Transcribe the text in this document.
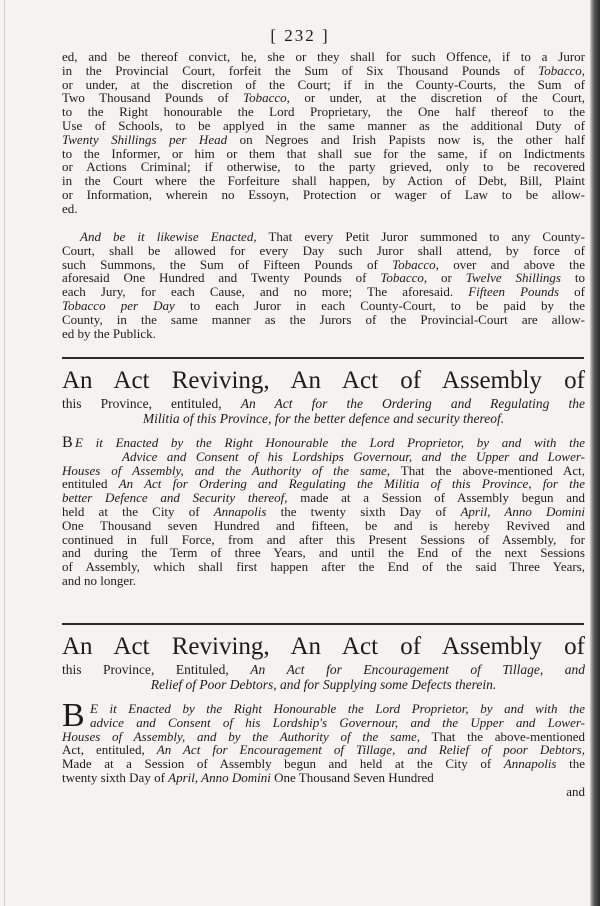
[ 232 ]
ed, and be thereof convict, he, she or they shall for such Offence, if to a Juror
in the Provincial Court, forfeit the Sum of Six Thousand Pounds of Tobacco,
or under, at the discretion of the Court; if in the County-Courts, the Sum of
Two Thousand Pounds of Tobacco, or under, at the discretion of the Court,
to the Right honourable the Lord Proprietary, the One half thereof to the
Use of Schools, to be applyed in the same manner as the additional Duty of
Twenty Shillings per Head on Negroes and Irish Papists now is, the other half
to the Informer, or him or them that shall sue for the same, if on Indictments
or Actions Criminal; if otherwise, to the party grieved, only to be recovered
in the Court where the Forfeiture shall happen, by Action of Debt, Bill, Plaint
or Information, wherein no Essoyn, Protection or wager of Law to be allow-
ed.
And be it likewise Enacted, That every Petit Juror summoned to any County-
Court, shall be allowed for every Day such Juror shall attend, by force of
such Summons, the Sum of Fifteen Pounds of Tobacco, over and above the
aforesaid One Hundred and Twenty Pounds of Tobacco, or Twelve Shillings to
each Jury, for each Cause, and no more; The aforesaid. Fifteen Pounds of
Tobacco per Day to each Juror in each County-Court, to be paid by the
County, in the same manner as the Jurors of the Provincial-Court are allow-
ed by the Publick.
An Act Reviving, An Act of Assembly of
this Province, entituled, An Act for the Ordering and Regulating the
Militia of this Province, for the better defence and security thereof.
B E it Enacted by the Right Honourable the Lord Proprietor, by and with the
Advice and Consent of his Lordships Governour, and the Upper and Lower-
Houses of Assembly, and the Authority of the same, That the above-mentioned Act,
entituled An Act for Ordering and Regulating the Militia of this Province, for the
better Defence and Security thereof, made at a Session of Assembly begun and
held at the City of Annapolis the twenty sixth Day of April, Anno Domini
One Thousand seven Hundred and fifteen, be and is hereby Revived and
continued in full Force, from and after this Present Sessions of Assembly, for
and during the Term of three Years, and until the End of the next Sessions
of Assembly, which shall first happen after the End of the said Three Years,
and no longer.
An Act Reviving, An Act of Assembly of
this Province, Entituled, An Act for Encouragement of Tillage, and
Relief of Poor Debtors, and for Supplying some Defects therein.
B E it Enacted by the Right Honourable the Lord Proprietor, by and with the
advice and Consent of his Lordship's Governour, and the Upper and Lower-
Houses of Assembly, and by the Authority of the same, That the above-mentioned
Act, entituled, An Act for Encouragement of Tillage, and Relief of poor Debtors,
Made at a Session of Assembly begun and held at the City of Annapolis the
twenty sixth Day of April, Anno Domini One Thousand Seven Hundred
and
